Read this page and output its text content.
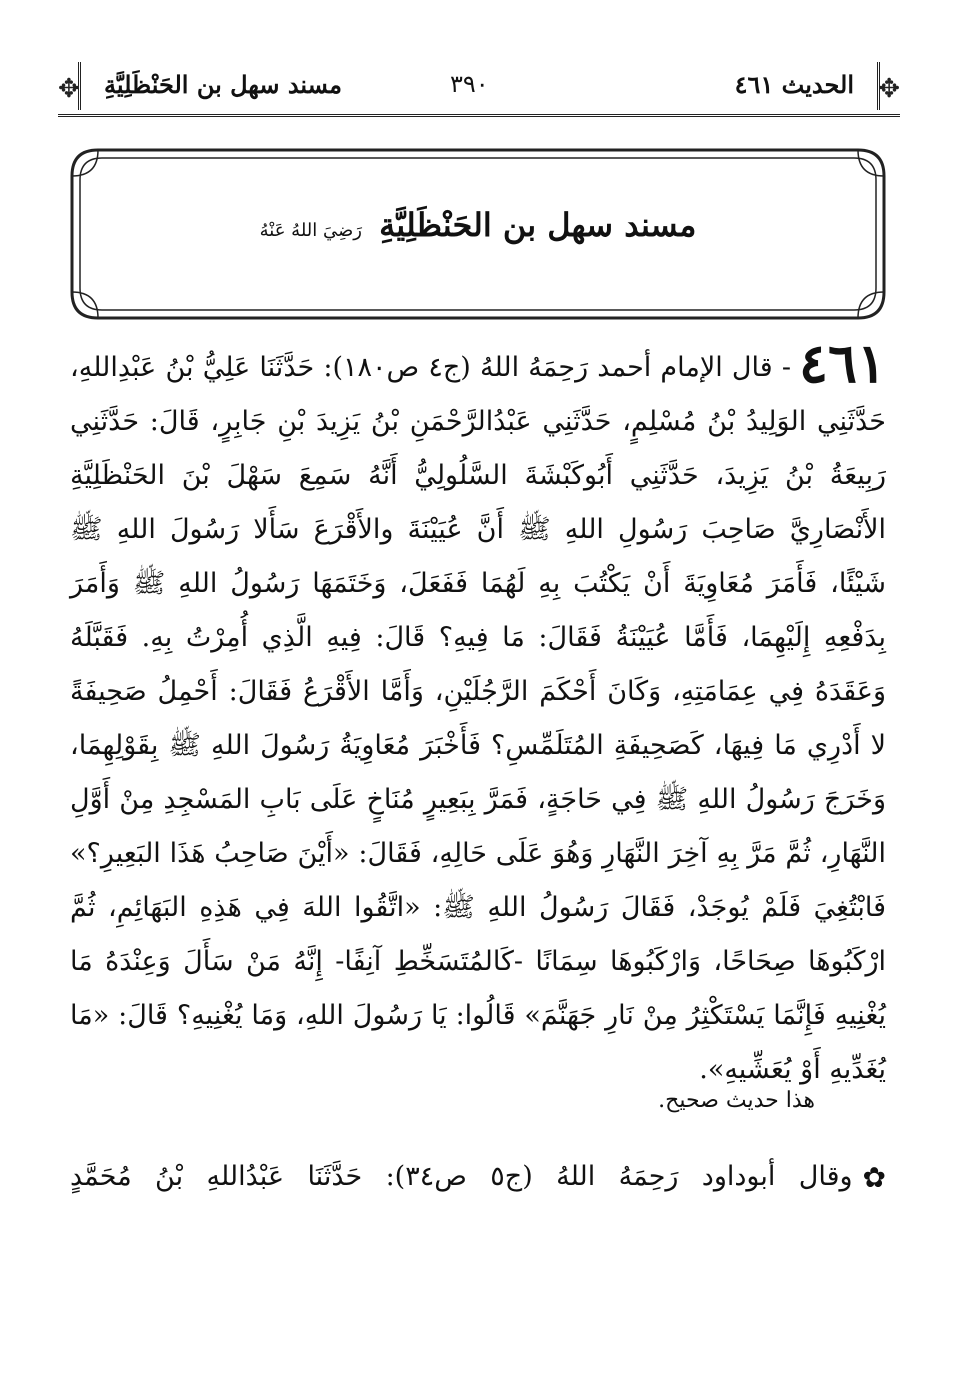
✥ مسند سهل بن الحَنْظَلِيَّةِ	٣٩٠	الحديث ٤٦١ ✥
مسند سهل بن الحَنْظَلِيَّةِ رَضِيَ اللهُ عَنْهُ
٤٦١- قال الإمام أحمد رَحِمَهُ اللهُ (ج٤ ص١٨٠): حَدَّثَنَا عَلِيُّ بْنُ عَبْدِاللهِ، حَدَّثَنِي الوَلِيدُ بْنُ مُسْلِمٍ، حَدَّثَنِي عَبْدُالرَّحْمَنِ بْنُ يَزِيدَ بْنِ جَابِرٍ، قَالَ: حَدَّثَنِي رَبِيعَةُ بْنُ يَزِيدَ، حَدَّثَنِي أَبُوكَبْشَةَ السَّلُولِيُّ أَنَّهُ سَمِعَ سَهْلَ بْنَ الحَنْظَلِيَّةِ الأَنْصَارِيَّ صَاحِبَ رَسُولِ اللهِ ﷺ أَنَّ عُيَيْنَةَ والأَقْرَعَ سَأَلا رَسُولَ اللهِ ﷺ شَيْئًا، فَأَمَرَ مُعَاوِيَةَ أَنْ يَكْتُبَ بِهِ لَهُمَا فَفَعَلَ، وَخَتَمَهَا رَسُولُ اللهِ ﷺ وَأَمَرَ بِدَفْعِهِ إِلَيْهِمَا، فَأَمَّا عُيَيْنَةُ فَقَالَ: مَا فِيهِ؟ قَالَ: فِيهِ الَّذِي أُمِرْتُ بِهِ. فَقَبَّلَهُ وَعَقَدَهُ فِي عِمَامَتِهِ، وَكَانَ أَحْكَمَ الرَّجُلَيْنِ، وَأَمَّا الأَقْرَعُ فَقَالَ: أَحْمِلُ صَحِيفَةً لا أَدْرِي مَا فِيهَا، كَصَحِيفَةِ المُتَلَمِّسِ؟ فَأَخْبَرَ مُعَاوِيَةُ رَسُولَ اللهِ ﷺ بِقَوْلِهِمَا، وَخَرَجَ رَسُولُ اللهِ ﷺ فِي حَاجَةٍ، فَمَرَّ بِبَعِيرٍ مُنَاخٍ عَلَى بَابِ المَسْجِدِ مِنْ أَوَّلِ النَّهَارِ، ثُمَّ مَرَّ بِهِ آخِرَ النَّهَارِ وَهُوَ عَلَى حَالِهِ، فَقَالَ: «أَيْنَ صَاحِبُ هَذَا البَعِيرِ؟» فَابْتُغِيَ فَلَمْ يُوجَدْ، فَقَالَ رَسُولُ اللهِ ﷺ: «اتَّقُوا اللهَ فِي هَذِهِ البَهَائِمِ، ثُمَّ ارْكَبُوهَا صِحَاحًا، وَارْكَبُوهَا سِمَانًا -كَالمُتَسَخِّطِ آنِفًا- إِنَّهُ مَنْ سَأَلَ وَعِنْدَهُ مَا يُغْنِيهِ فَإِنَّمَا يَسْتَكْثِرُ مِنْ نَارِ جَهَنَّمَ» قَالُوا: يَا رَسُولَ اللهِ، وَمَا يُغْنِيهِ؟ قَالَ: «مَا يُغَدِّيهِ أَوْ يُعَشِّيهِ».
هذا حديث صحيح.
✿وقال أبوداود رَحِمَهُ اللهُ (ج٥ ص٣٤): حَدَّثَنَا عَبْدُاللهِ بْنُ مُحَمَّدٍ
